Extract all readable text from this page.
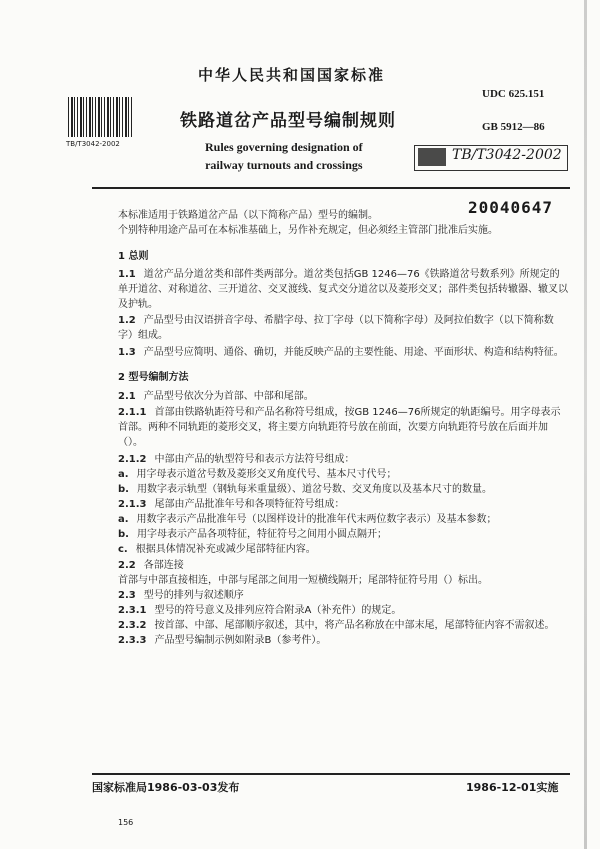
中华人民共和国国家标准
UDC 625.151
TB/T3042-2002
铁路道岔产品型号编制规则	GB 5912—86
Rules governing designation of
railway turnouts and crossings
TB/T3042-2002
20040647
本标准适用于铁路道岔产品（以下简称产品）型号的编制。
个别特种用途产品可在本标准基础上，另作补充规定，但必须经主管部门批准后实施。
1 总则
1.1 道岔产品分道岔类和部件类两部分。道岔类包括GB 1246—76《铁路道岔号数系列》所规定的单开道岔、对称道岔、三开道岔、交叉渡线、复式交分道岔以及菱形交叉；部件类包括转辙器、辙叉以及护轨。
1.2 产品型号由汉语拼音字母、希腊字母、拉丁字母（以下简称字母）及阿拉伯数字（以下简称数字）组成。
1.3 产品型号应简明、通俗、确切，并能反映产品的主要性能、用途、平面形状、构造和结构特征。
2 型号编制方法
2.1 产品型号依次分为首部、中部和尾部。
2.1.1 首部由铁路轨距符号和产品名称符号组成，按GB 1246—76所规定的轨距编号。用字母表示首部。两种不同轨距的菱形交叉，将主要方向轨距符号放在前面，次要方向轨距符号放在后面并加（）。
2.1.2 中部由产品的轨型符号和表示方法符号组成：
a. 用字母表示道岔号数及菱形交叉角度代号、基本尺寸代号；
b. 用数字表示轨型（钢轨每米重量级）、道岔号数、交叉角度以及基本尺寸的数量。
2.1.3 尾部由产品批准年号和各项特征符号组成：
a. 用数字表示产品批准年号（以图样设计的批准年代末两位数字表示）及基本参数；
b. 用字母表示产品各项特征，特征符号之间用小圆点隔开；
c. 根据具体情况补充或减少尾部特征内容。
2.2 各部连接
首部与中部直接相连，中部与尾部之间用一短横线隔开；尾部特征符号用（）标出。
2.3 型号的排列与叙述顺序
2.3.1 型号的符号意义及排列应符合附录A（补充件）的规定。
2.3.2 按首部、中部、尾部顺序叙述，其中，将产品名称放在中部末尾，尾部特征内容不需叙述。
2.3.3 产品型号编制示例如附录B（参考件）。
国家标准局1986-03-03发布	1986-12-01实施
156
